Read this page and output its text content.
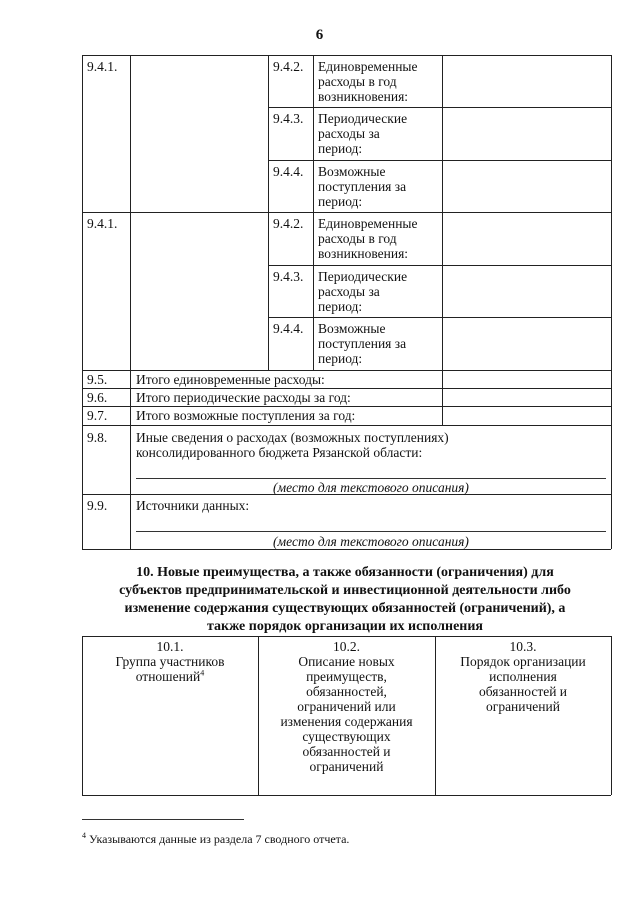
6
9.4.1.	9.4.2. Единовременные
расходы в год
возникновения:
9.4.3. Периодические
расходы за
период:
9.4.4. Возможные
поступления за
период:
9.4.1.	9.4.2. Единовременные
расходы в год
возникновения:
9.4.3. Периодические
расходы за
период:
9.4.4. Возможные
поступления за
период:
9.5. Итого единовременные расходы:
9.6. Итого периодические расходы за год:
9.7. Итого возможные поступления за год:
9.8. Иные сведения о расходах (возможных поступлениях)
консолидированного бюджета Рязанской области:
(место для текстового описания)
9.9. Источники данных:
(место для текстового описания)
10. Новые преимущества, а также обязанности (ограничения) для
субъектов предпринимательской и инвестиционной деятельности либо
изменение содержания существующих обязанностей (ограничений), а
также порядок организации их исполнения
10.1.
Группа участников
отношений$^4$
10.2.
Описание новых
преимуществ,
обязанностей,
ограничений или
изменения содержания
существующих
обязанностей и
ограничений
10.3.
Порядок организации
исполнения
обязанностей и
ограничений
$^4$ Указываются данные из раздела 7 сводного отчета.
